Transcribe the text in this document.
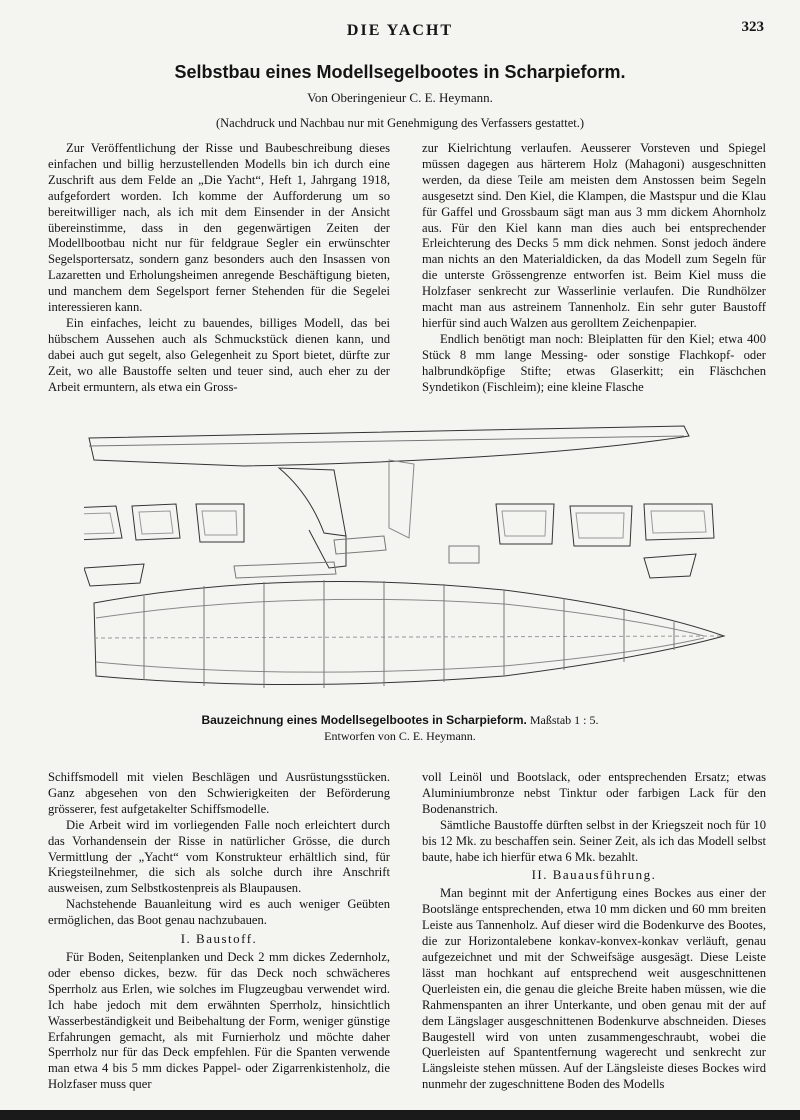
DIE YACHT	323
Selbstbau eines Modellsegelbootes in Scharpieform.
Von Oberingenieur C. E. Heymann.
(Nachdruck und Nachbau nur mit Genehmigung des Verfassers gestattet.)

Zur Veröffentlichung der Risse und Baubeschreibung dieses einfachen und billig herzustellenden Modells bin ich durch eine Zuschrift aus dem Felde an „Die Yacht“, Heft 1, Jahrgang 1918, aufgefordert worden. Ich komme der Aufforderung um so bereitwilliger nach, als ich mit dem Einsender in der Ansicht übereinstimme, dass in den gegenwärtigen Zeiten der Modellbootbau nicht nur für feldgraue Segler ein erwünschter Segelsportersatz, sondern ganz besonders auch den Insassen von Lazaretten und Erholungsheimen anregende Beschäftigung bieten, und manchem dem Segelsport ferner Stehenden für die Segelei interessieren kann.

Ein einfaches, leicht zu bauendes, billiges Modell, das bei hübschem Aussehen auch als Schmuckstück dienen kann, und dabei auch gut segelt, also Gelegenheit zu Sport bietet, dürfte zur Zeit, wo alle Baustoffe selten und teuer sind, auch eher zu der Arbeit ermuntern, als etwa ein Gross-

zur Kielrichtung verlaufen. Aeusserer Vorsteven und Spiegel müssen dagegen aus härterem Holz (Mahagoni) ausgeschnitten werden, da diese Teile am meisten dem Anstossen beim Segeln ausgesetzt sind. Den Kiel, die Klampen, die Mastspur und die Klau für Gaffel und Grossbaum sägt man aus 3 mm dickem Ahornholz aus. Für den Kiel kann man dies auch bei entsprechender Erleichterung des Decks 5 mm dick nehmen. Sonst jedoch ändere man nichts an den Materialdicken, da das Modell zum Segeln für die unterste Grössengrenze entworfen ist. Beim Kiel muss die Holzfaser senkrecht zur Wasserlinie verlaufen. Die Rundhölzer macht man aus astreinem Tannenholz. Ein sehr guter Baustoff hierfür sind auch Walzen aus gerolltem Zeichenpapier.

Endlich benötigt man noch: Bleiplatten für den Kiel; etwa 400 Stück 8 mm lange Messing- oder sonstige Flachkopf- oder halbrundköpfige Stifte; etwas Glaserkitt; ein Fläschchen Syndetikon (Fischleim); eine kleine Flasche

Bauzeichnung eines Modellsegelbootes in Scharpieform. Maßstab 1 : 5.
Entworfen von C. E. Heymann.

Schiffsmodell mit vielen Beschlägen und Ausrüstungsstücken. Ganz abgesehen von den Schwierigkeiten der Beförderung grösserer, fest aufgetakelter Schiffsmodelle.

Die Arbeit wird im vorliegenden Falle noch erleichtert durch das Vorhandensein der Risse in natürlicher Grösse, die durch Vermittlung der „Yacht“ vom Konstrukteur erhältlich sind, für Kriegsteilnehmer, die sich als solche durch ihre Anschrift ausweisen, zum Selbstkostenpreis als Blaupausen.

Nachstehende Bauanleitung wird es auch weniger Geübten ermöglichen, das Boot genau nachzubauen.

I. Baustoff.

Für Boden, Seitenplanken und Deck 2 mm dickes Zedernholz, oder ebenso dickes, bezw. für das Deck noch schwächeres Sperrholz aus Erlen, wie solches im Flugzeugbau verwendet wird. Ich habe jedoch mit dem erwähnten Sperrholz, hinsichtlich Wasserbeständigkeit und Beibehaltung der Form, weniger günstige Erfahrungen gemacht, als mit Furnierholz und möchte daher Sperrholz nur für das Deck empfehlen. Für die Spanten verwende man etwa 4 bis 5 mm dickes Pappel- oder Zigarrenkistenholz, die Holzfaser muss quer

voll Leinöl und Bootslack, oder entsprechenden Ersatz; etwas Aluminiumbronze nebst Tinktur oder farbigen Lack für den Bodenanstrich.

Sämtliche Baustoffe dürften selbst in der Kriegszeit noch für 10 bis 12 Mk. zu beschaffen sein. Seiner Zeit, als ich das Modell selbst baute, habe ich hierfür etwa 6 Mk. bezahlt.

II. Bauausführung.

Man beginnt mit der Anfertigung eines Bockes aus einer der Bootslänge entsprechenden, etwa 10 mm dicken und 60 mm breiten Leiste aus Tannenholz. Auf dieser wird die Bodenkurve des Bootes, die zur Horizontalebene konkav-konvex-konkav verläuft, genau aufgezeichnet und mit der Schweifsäge ausgesägt. Diese Leiste lässt man hochkant auf entsprechend weit ausgeschnittenen Querleisten ein, die genau die gleiche Breite haben müssen, wie die Rahmenspanten an ihrer Unterkante, und oben genau mit der auf dem Längslager ausgeschnittenen Bodenkurve abschneiden. Dieses Baugestell wird von unten zusammengeschraubt, wobei die Querleisten auf Spantentfernung wagerecht und senkrecht zur Längsleiste stehen müssen. Auf der Längsleiste dieses Bockes wird nunmehr der zugeschnittene Boden des Modells
